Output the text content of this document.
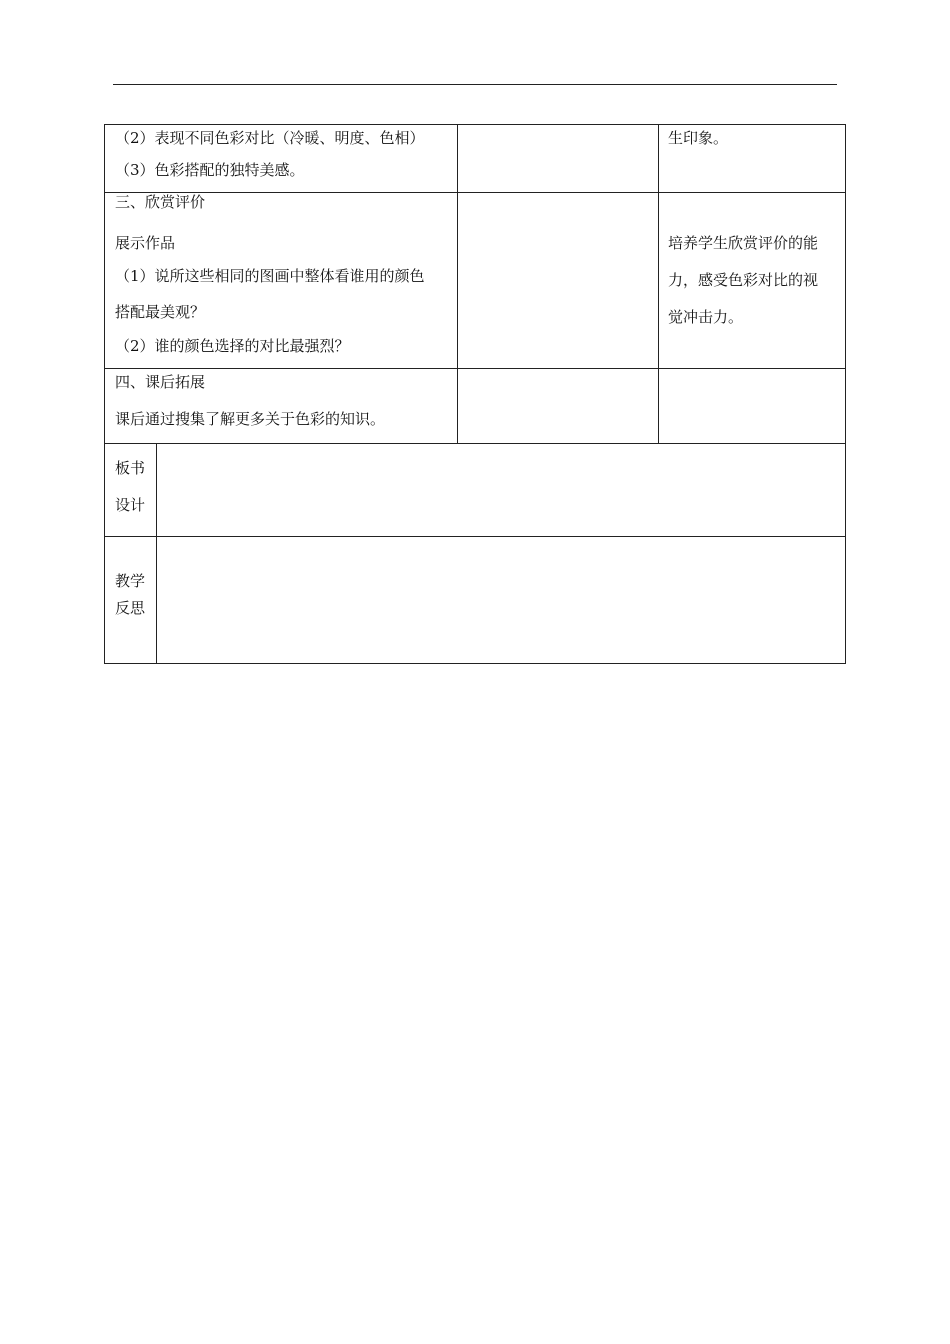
（2）表现不同色彩对比（冷暖、明度、色相）
（3）色彩搭配的独特美感。
生印象。
三、欣赏评价
展示作品
（1）说所这些相同的图画中整体看谁用的颜色
搭配最美观？
（2）谁的颜色选择的对比最强烈？
培养学生欣赏评价的能
力，感受色彩对比的视
觉冲击力。
四、课后拓展
课后通过搜集了解更多关于色彩的知识。
板书
设计
教学
反思
